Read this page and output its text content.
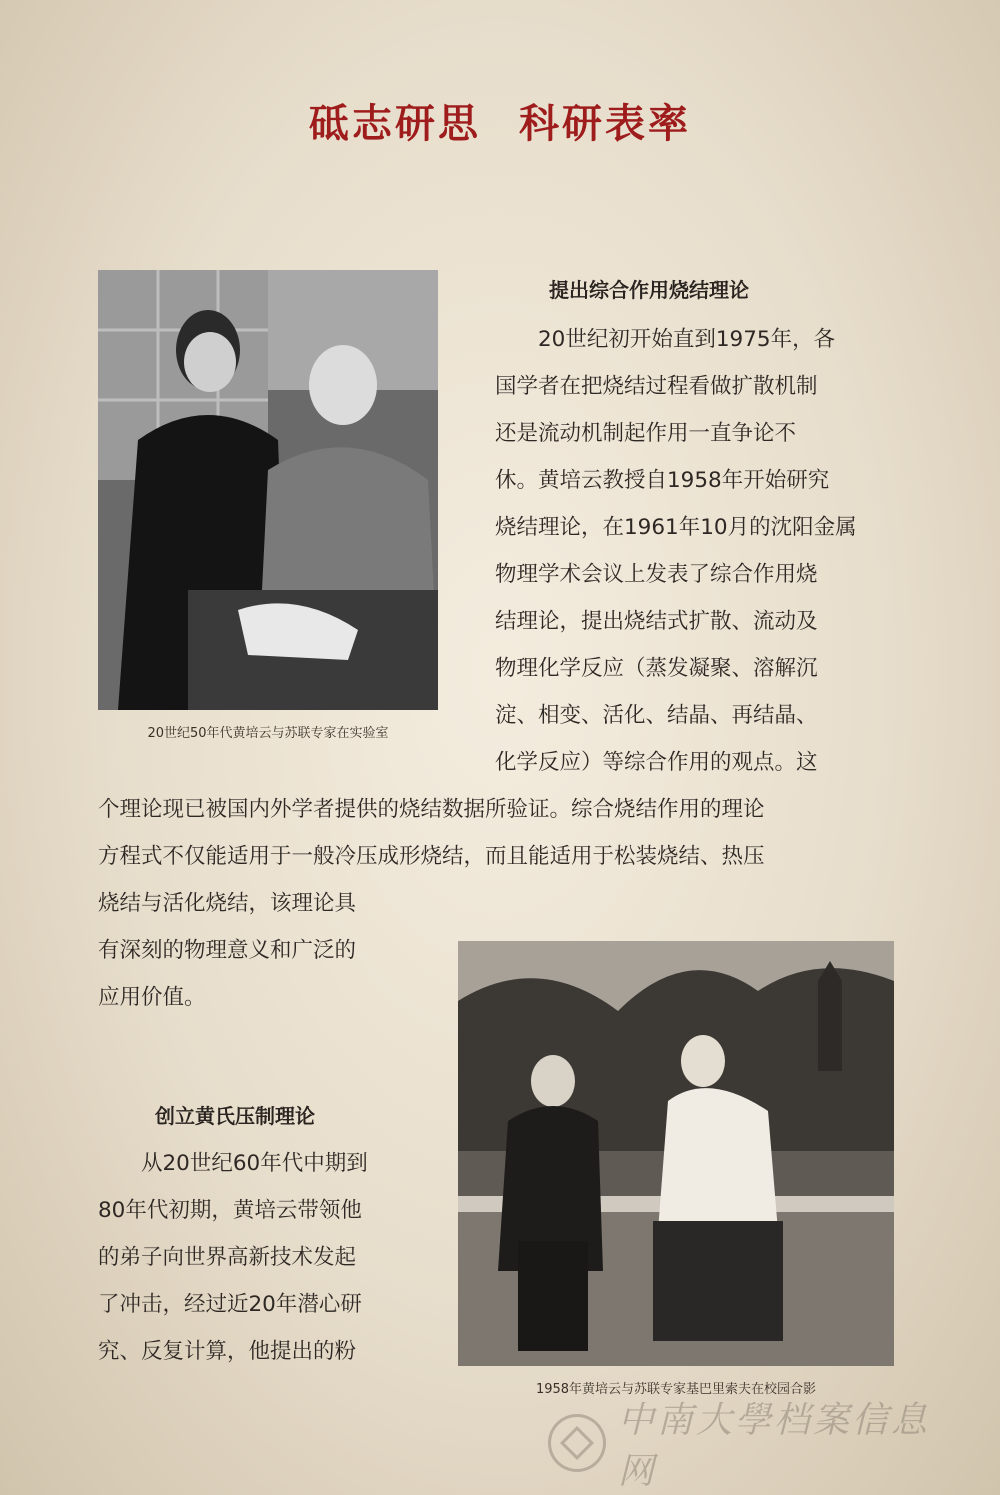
砥志研思 科研表率

20世纪50年代黄培云与苏联专家在实验室

1958年黄培云与苏联专家基巴里索夫在校园合影

提出综合作用烧结理论
　　20世纪初开始直到1975年，各
国学者在把烧结过程看做扩散机制
还是流动机制起作用一直争论不
休。黄培云教授自1958年开始研究
烧结理论，在1961年10月的沈阳金属
物理学术会议上发表了综合作用烧
结理论，提出烧结式扩散、流动及
物理化学反应（蒸发凝聚、溶解沉
淀、相变、活化、结晶、再结晶、
化学反应）等综合作用的观点。这
个理论现已被国内外学者提供的烧结数据所验证。综合烧结作用的理论
方程式不仅能适用于一般冷压成形烧结，而且能适用于松装烧结、热压
烧结与活化烧结，该理论具
有深刻的物理意义和广泛的
应用价值。
创立黄氏压制理论
　　从20世纪60年代中期到
80年代初期，黄培云带领他
的弟子向世界高新技术发起
了冲击，经过近20年潜心研
究、反复计算，他提出的粉
中南大學档案信息网
